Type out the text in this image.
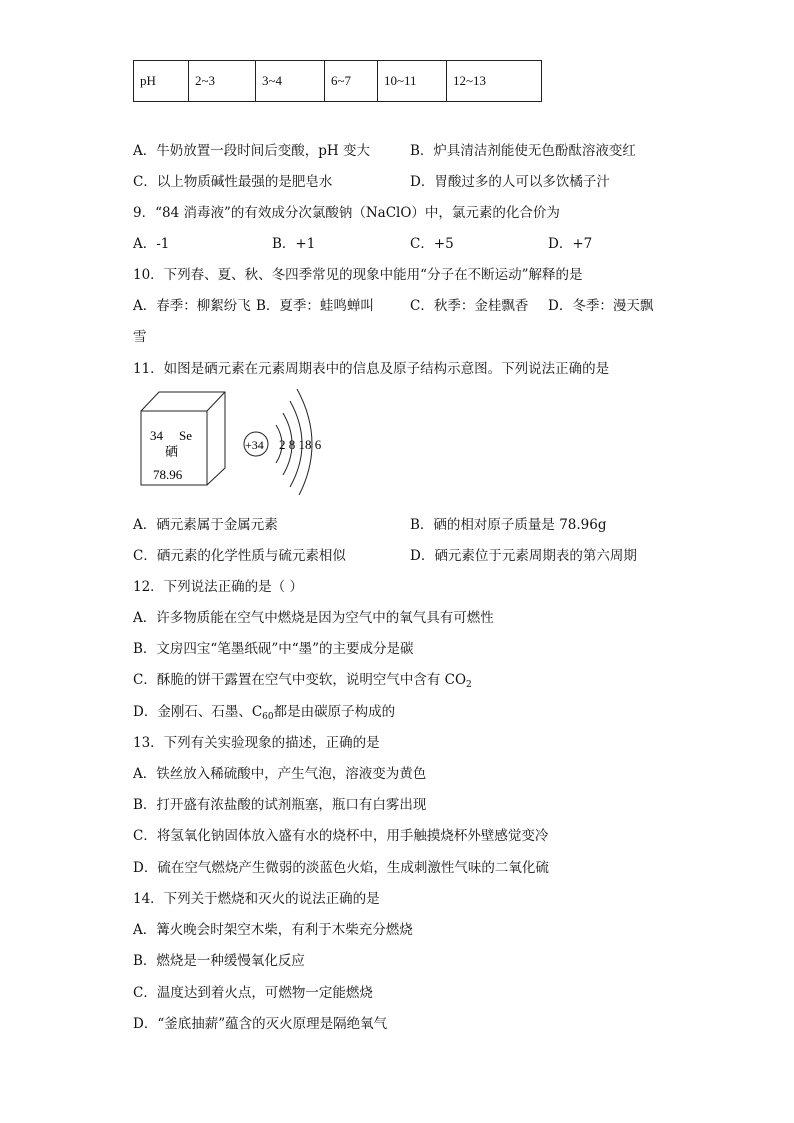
pH	2~3	3~4	6~7	10~11	12~13
A．牛奶放置一段时间后变酸，pH 变大	B．炉具清洁剂能使无色酚酞溶液变红
C．以上物质碱性最强的是肥皂水	D．胃酸过多的人可以多饮橘子汁
9．“84 消毒液”的有效成分次氯酸钠（NaClO）中，氯元素的化合价为
A．-1	B．+1	C．+5	D．+7
10．下列春、夏、秋、冬四季常见的现象中能用“分子在不断运动”解释的是
A．春季：柳絮纷飞 B．夏季：蛙鸣蝉叫	C．秋季：金桂飘香 D．冬季：漫天飘
雪
11．如图是硒元素在元素周期表中的信息及原子结构示意图。下列说法正确的是
34 Se
硒
78.96
+34 2 8 18 6
A．硒元素属于金属元素	B．硒的相对原子质量是 78.96g
C．硒元素的化学性质与硫元素相似	D．硒元素位于元素周期表的第六周期
12．下列说法正确的是（ ）
A．许多物质能在空气中燃烧是因为空气中的氧气具有可燃性
B．文房四宝“笔墨纸砚”中“墨”的主要成分是碳
C．酥脆的饼干露置在空气中变软，说明空气中含有 $CO_2$
D．金刚石、石墨、$C_{60}$都是由碳原子构成的
13．下列有关实验现象的描述，正确的是
A．铁丝放入稀硫酸中，产生气泡，溶液变为黄色
B．打开盛有浓盐酸的试剂瓶塞，瓶口有白雾出现
C．将氢氧化钠固体放入盛有水的烧杯中，用手触摸烧杯外壁感觉变冷
D．硫在空气燃烧产生微弱的淡蓝色火焰，生成刺激性气味的二氧化硫
14．下列关于燃烧和灭火的说法正确的是
A．篝火晚会时架空木柴，有利于木柴充分燃烧
B．燃烧是一种缓慢氧化反应
C．温度达到着火点，可燃物一定能燃烧
D．“釜底抽薪”蕴含的灭火原理是隔绝氧气
